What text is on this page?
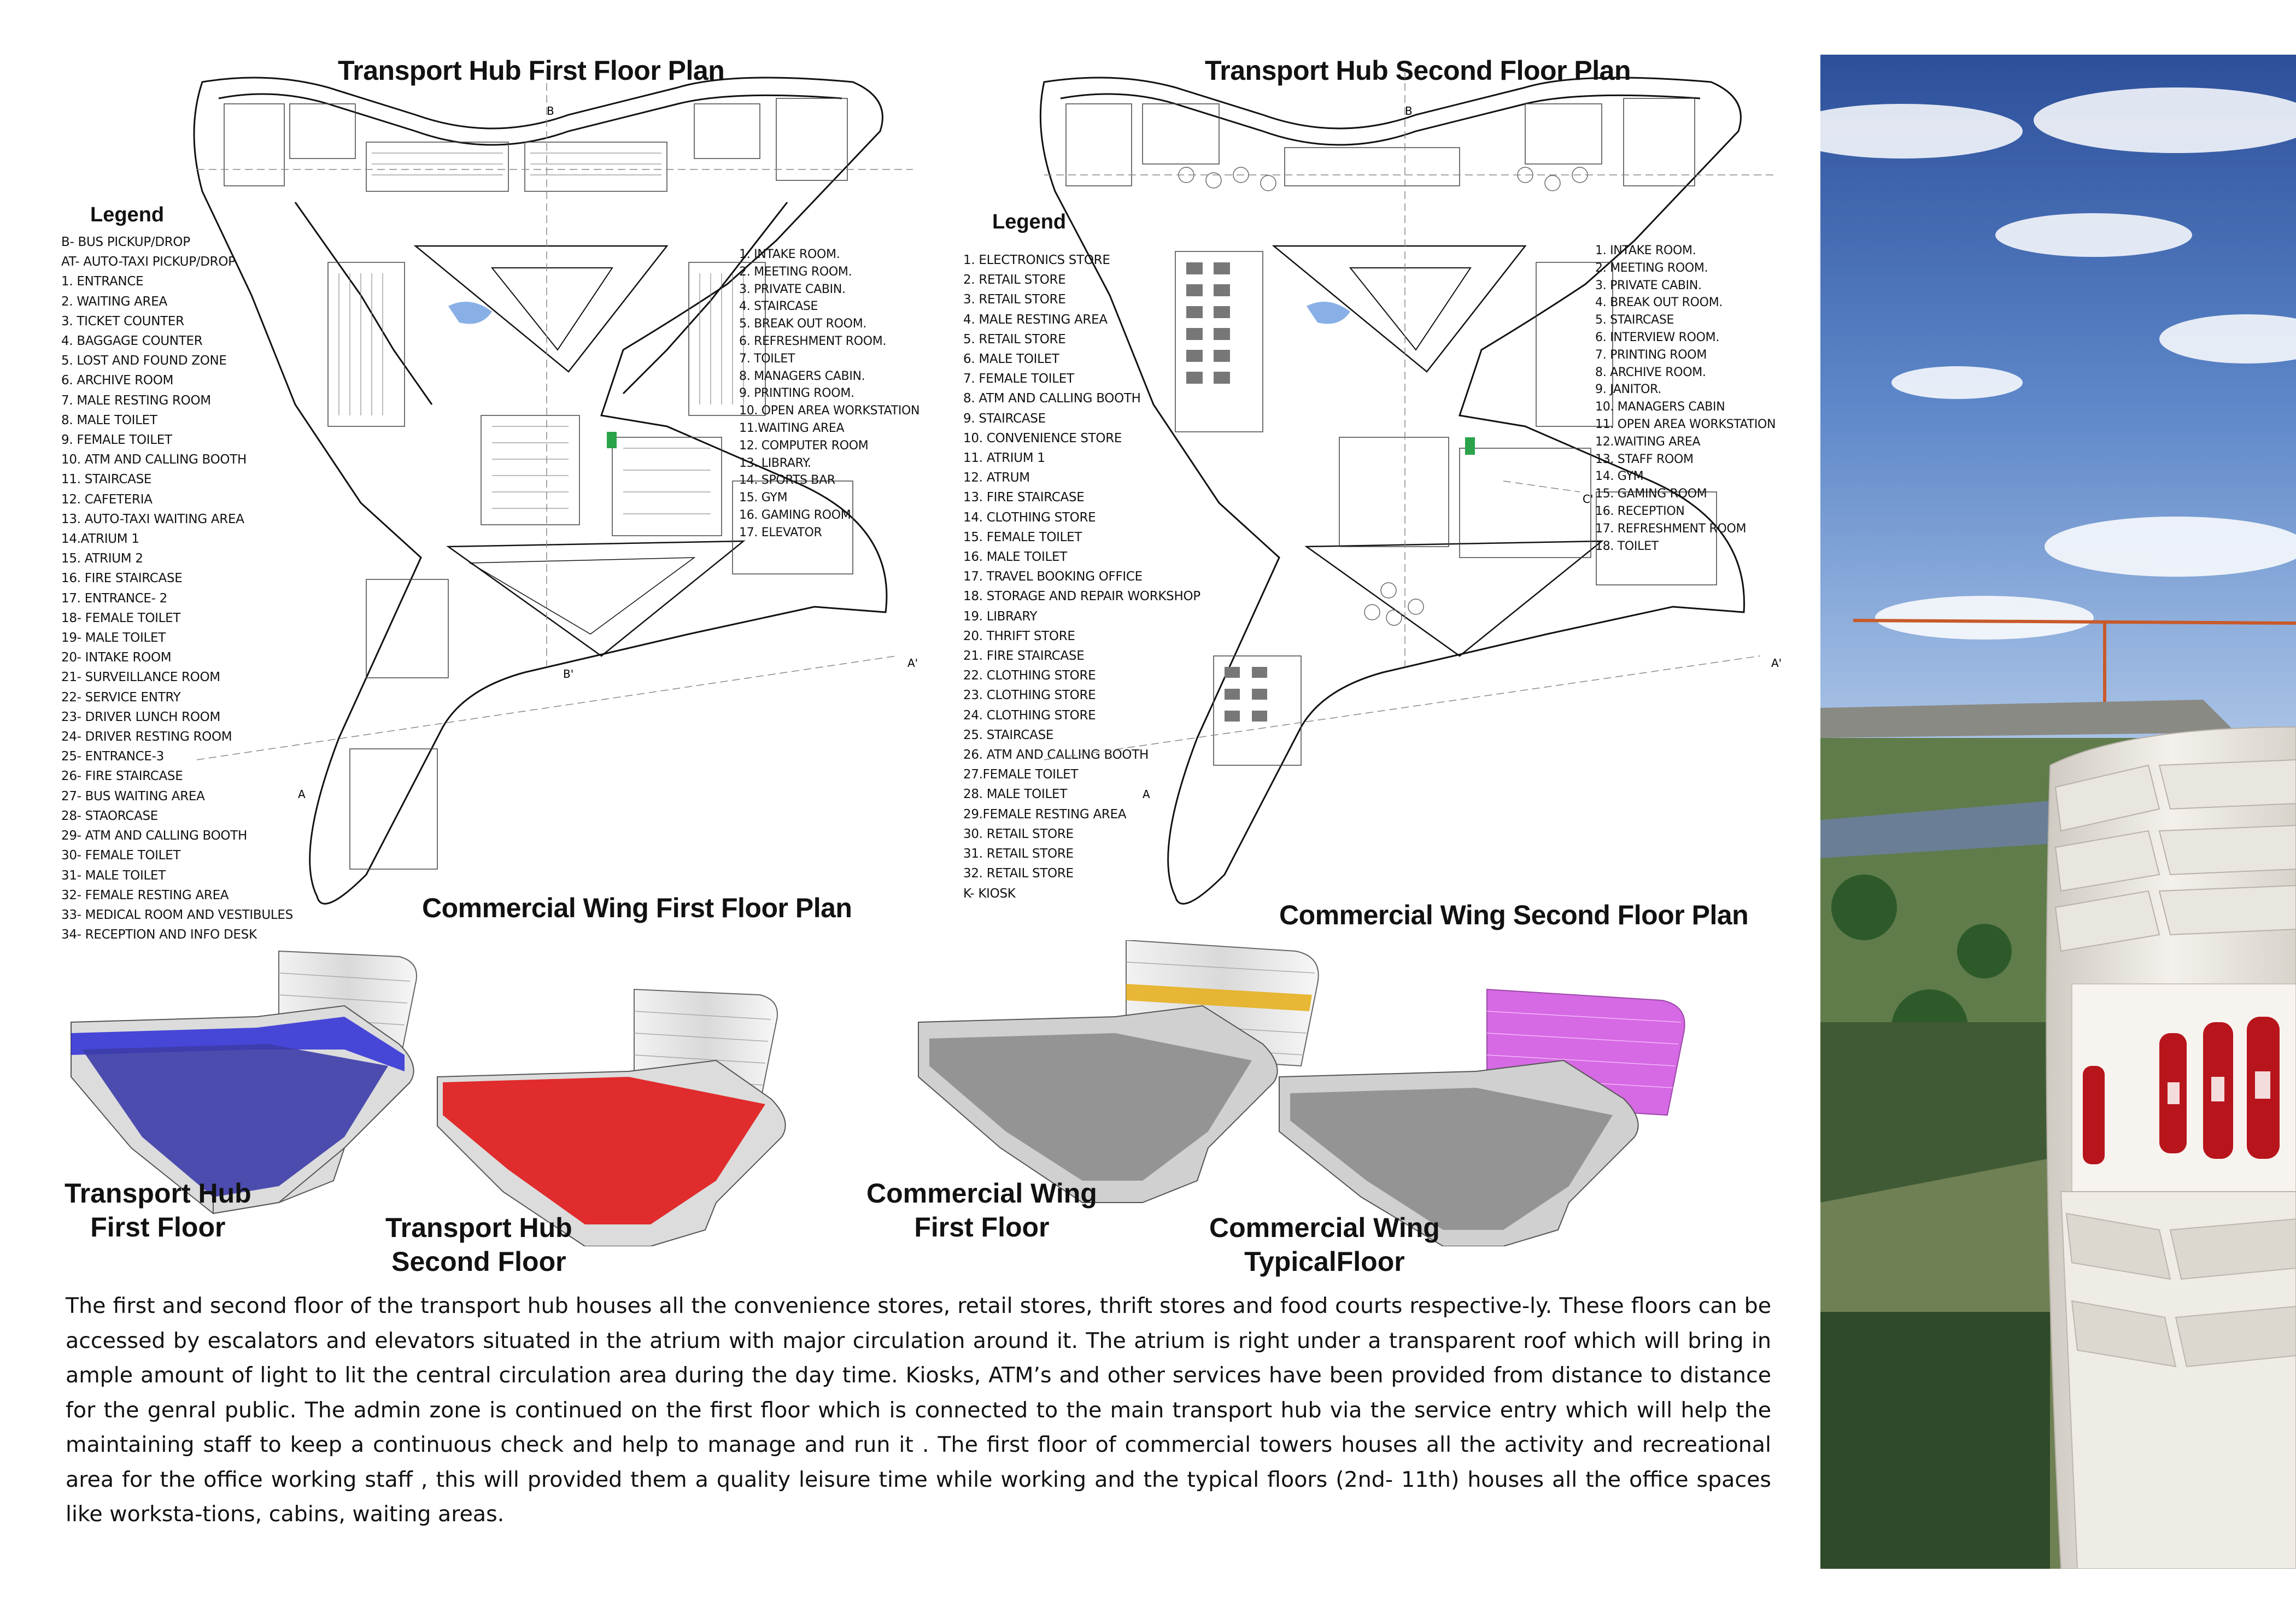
Transport Hub First Floor Plan	Transport Hub Second Floor Plan
Commercial Wing First Floor Plan	Commercial Wing Second Floor Plan
Legend
B- BUS PICKUP/DROP
AT- AUTO-TAXI PICKUP/DROP
1. ENTRANCE
2. WAITING AREA
3. TICKET COUNTER
4. BAGGAGE COUNTER
5. LOST AND FOUND ZONE
6. ARCHIVE ROOM
7. MALE RESTING ROOM
8. MALE TOILET
9. FEMALE TOILET
10. ATM AND CALLING BOOTH
11. STAIRCASE
12. CAFETERIA
13. AUTO-TAXI WAITING AREA
14.ATRIUM 1
15. ATRIUM 2
16. FIRE STAIRCASE
17. ENTRANCE- 2
18- FEMALE TOILET
19- MALE TOILET
20- INTAKE ROOM
21- SURVEILLANCE ROOM
22- SERVICE ENTRY
23- DRIVER LUNCH ROOM
24- DRIVER RESTING ROOM
25- ENTRANCE-3
26- FIRE STAIRCASE
27- BUS WAITING AREA
28- STAORCASE
29- ATM AND CALLING BOOTH
30- FEMALE TOILET
31- MALE TOILET
32- FEMALE RESTING AREA
33- MEDICAL ROOM AND VESTIBULES
34- RECEPTION AND INFO DESK
B
B'
A
A'
1. INTAKE ROOM.
2. MEETING ROOM.
3. PRIVATE CABIN.
4. STAIRCASE
5. BREAK OUT ROOM.
6. REFRESHMENT ROOM.
7. TOILET
8. MANAGERS CABIN.
9. PRINTING ROOM.
10. OPEN AREA WORKSTATION
11.WAITING AREA
12. COMPUTER ROOM
13. LIBRARY.
14. SPORTS BAR
15. GYM
16. GAMING ROOM
17. ELEVATOR
Legend
1. ELECTRONICS STORE
2. RETAIL STORE
3. RETAIL STORE
4. MALE RESTING AREA
5. RETAIL STORE
6. MALE TOILET
7. FEMALE TOILET
8. ATM AND CALLING BOOTH
9. STAIRCASE
10. CONVENIENCE STORE
11. ATRIUM 1
12. ATRUM
13. FIRE STAIRCASE
14. CLOTHING STORE
15. FEMALE TOILET
16. MALE TOILET
17. TRAVEL BOOKING OFFICE
18. STORAGE AND REPAIR WORKSHOP
19. LIBRARY
20. THRIFT STORE
21. FIRE STAIRCASE
22. CLOTHING STORE
23. CLOTHING STORE
24. CLOTHING STORE
25. STAIRCASE
26. ATM AND CALLING BOOTH
27.FEMALE TOILET
28. MALE TOILET
29.FEMALE RESTING AREA
30. RETAIL STORE
31. RETAIL STORE
32. RETAIL STORE
K- KIOSK
B
A
A'
C'
1. INTAKE ROOM.
2. MEETING ROOM.
3. PRIVATE CABIN.
4. BREAK OUT ROOM.
5. STAIRCASE
6. INTERVIEW ROOM.
7. PRINTING ROOM
8. ARCHIVE ROOM.
9. JANITOR.
10. MANAGERS CABIN
11. OPEN AREA WORKSTATION
12.WAITING AREA
13. STAFF ROOM
14. GYM
15. GAMING ROOM
16. RECEPTION
17. REFRESHMENT ROOM
18. TOILET
Transport Hub
First Floor	Transport Hub
Second Floor
Commercial Wing
First Floor	Commercial Wing
TypicalFloor

The first and second floor of the transport hub houses all the convenience stores, retail stores, thrift stores and food courts respective-ly. These floors can be accessed by escalators and elevators situated in the atrium with major circulation around it. The atrium is right under a transparent roof which will bring in ample amount of light to lit the central circulation area during the day time. Kiosks, ATM’s and other services have been provided from distance to distance for the genral public. The admin zone is continued on the first floor which is connected to the main transport hub via the service entry which will help the maintaining staff to keep a continuous check and help to manage and run it . The first floor of commercial towers houses all the activity and recreational area for the office working staff , this will provided them a quality leisure time while working and the typical floors (2nd- 11th) houses all the office spaces like worksta-tions, cabins, waiting areas.
